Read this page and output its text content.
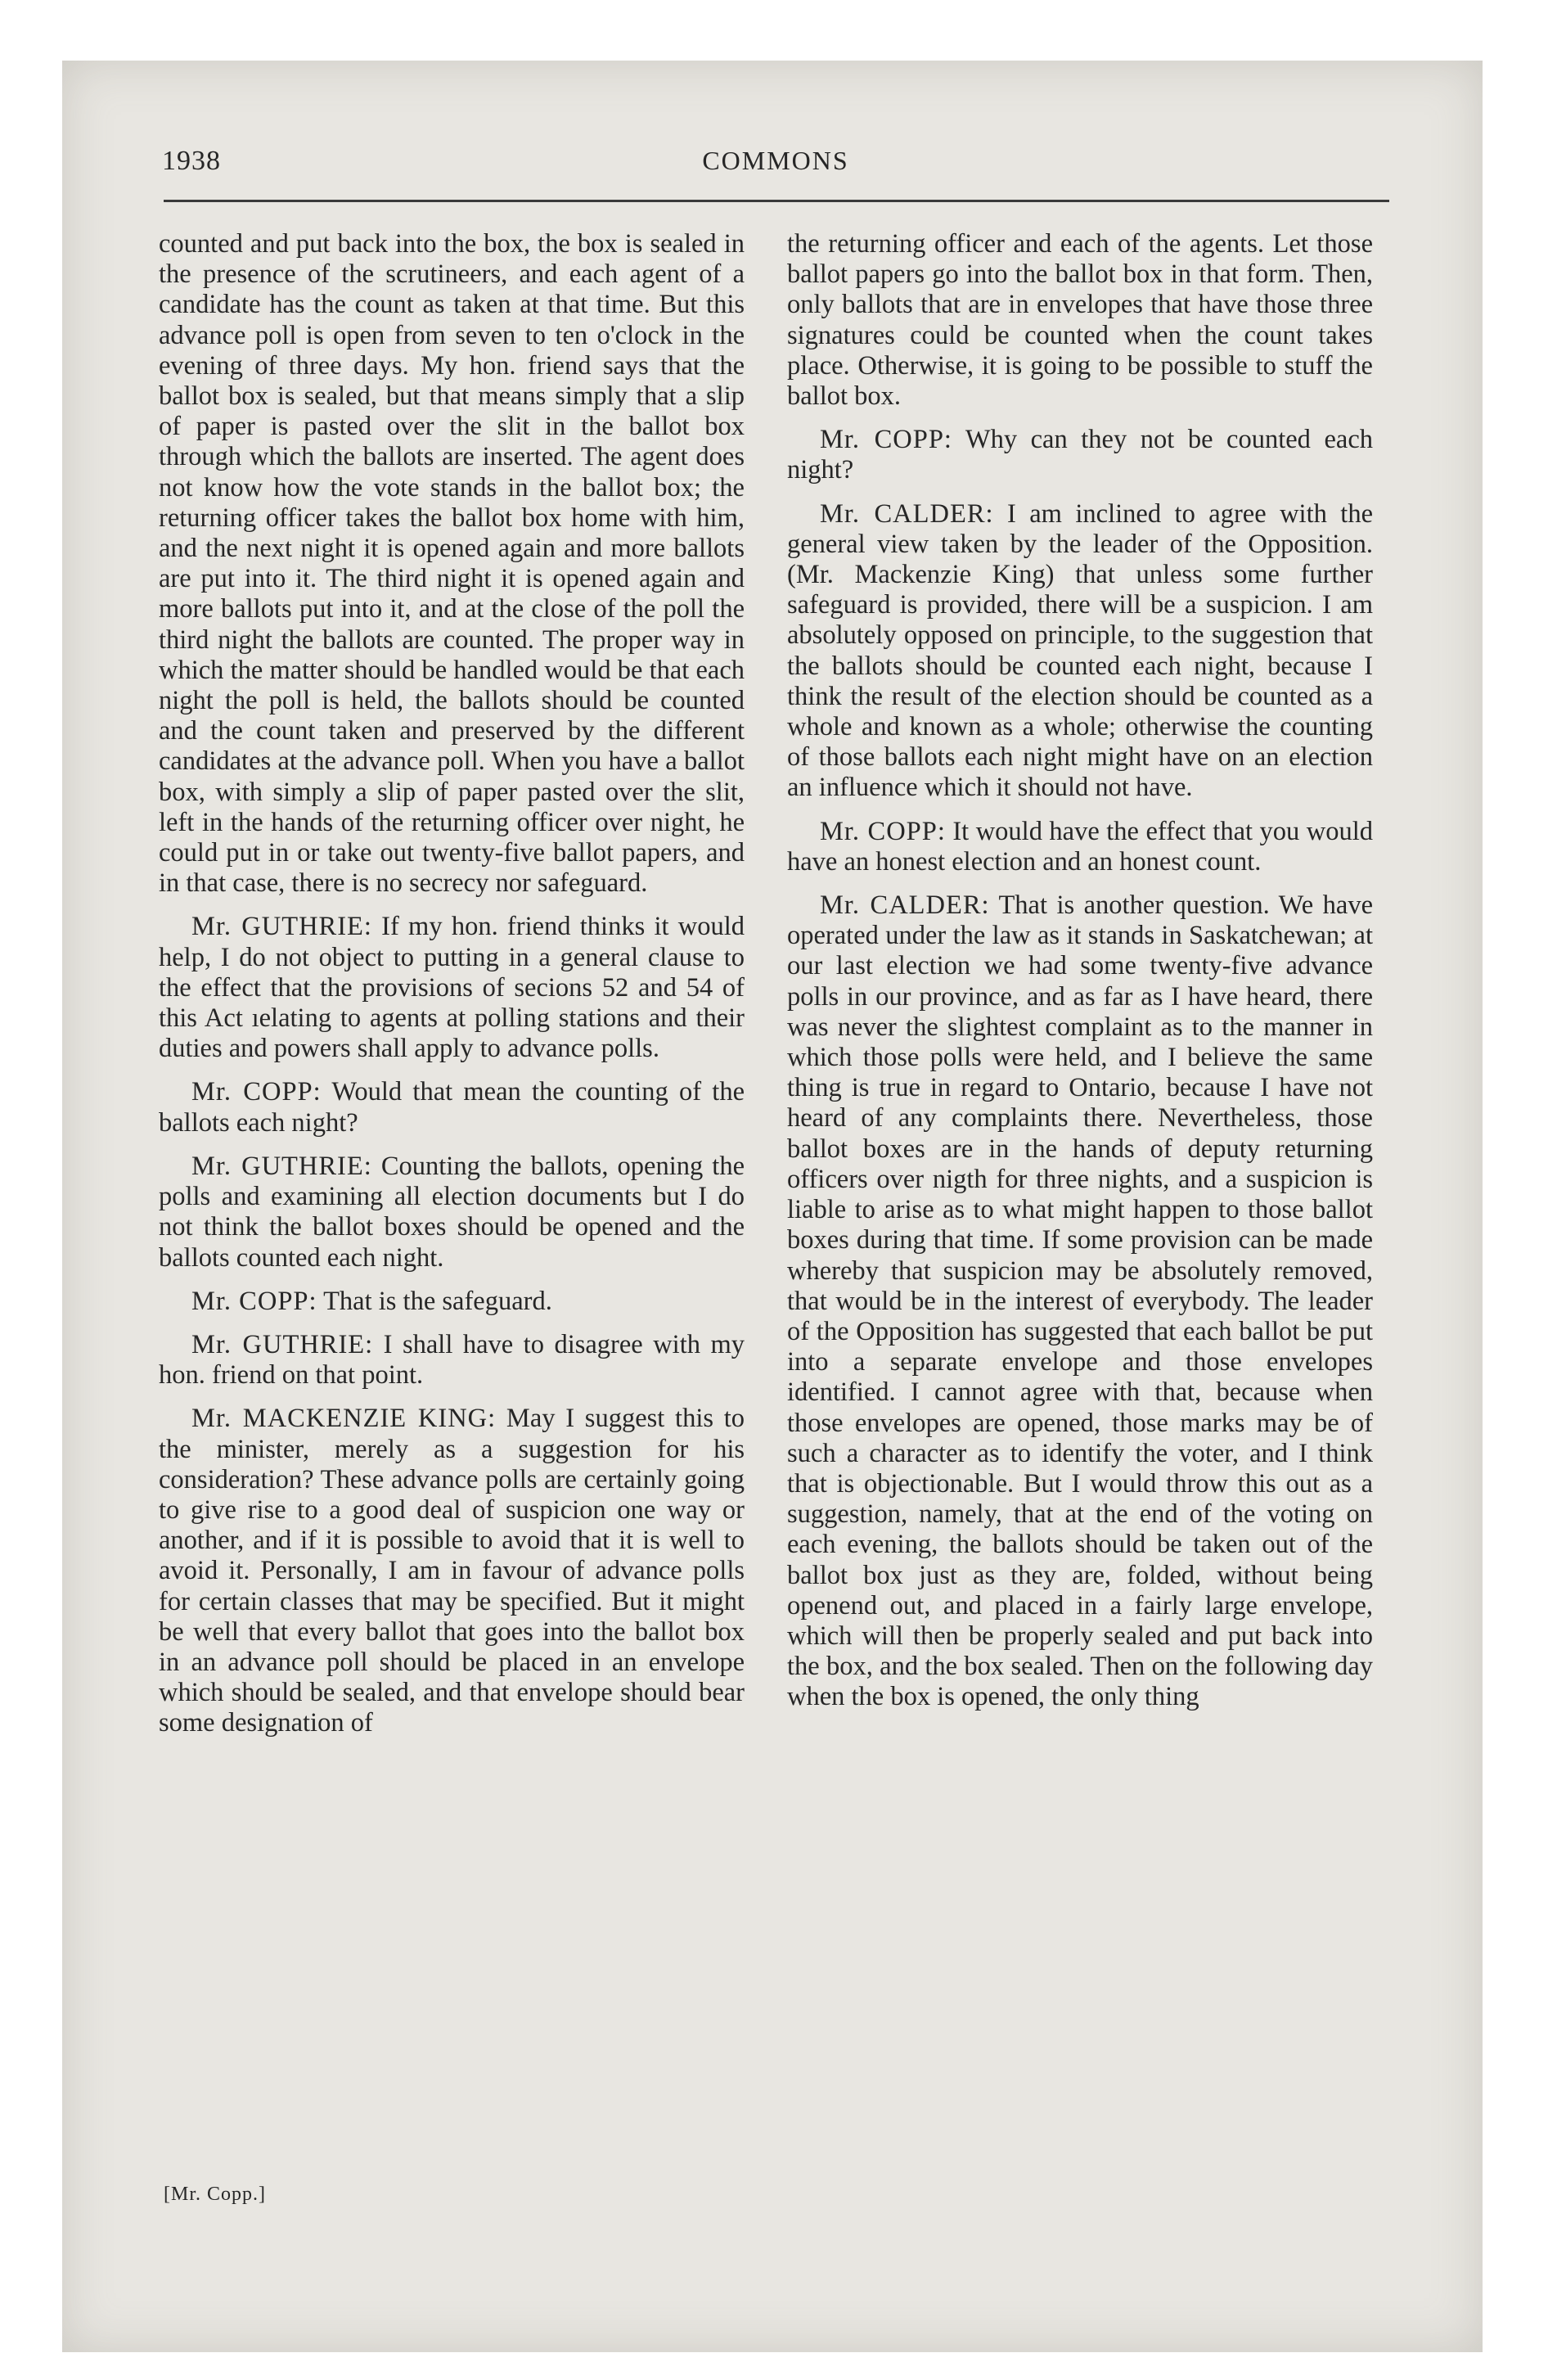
1938	COMMONS

counted and put back into the box, the box is sealed in the presence of the scrutineers, and each agent of a candidate has the count as taken at that time. But this advance poll is open from seven to ten o'clock in the evening of three days. My hon. friend says that the ballot box is sealed, but that means simply that a slip of paper is pasted over the slit in the ballot box through which the ballots are inserted. The agent does not know how the vote stands in the ballot box; the returning officer takes the ballot box home with him, and the next night it is opened again and more ballots are put into it. The third night it is opened again and more ballots put into it, and at the close of the poll the third night the ballots are counted. The proper way in which the matter should be handled would be that each night the poll is held, the ballots should be counted and the count taken and preserved by the different candidates at the advance poll. When you have a ballot box, with simply a slip of paper pasted over the slit, left in the hands of the returning officer over night, he could put in or take out twenty-five ballot papers, and in that case, there is no secrecy nor safeguard.

Mr. GUTHRIE: If my hon. friend thinks it would help, I do not object to putting in a general clause to the effect that the provisions of secions 52 and 54 of this Act ıelating to agents at polling stations and their duties and powers shall apply to advance polls.

Mr. COPP: Would that mean the counting of the ballots each night?

Mr. GUTHRIE: Counting the ballots, opening the polls and examining all election documents but I do not think the ballot boxes should be opened and the ballots counted each night.

Mr. COPP: That is the safeguard.

Mr. GUTHRIE: I shall have to disagree with my hon. friend on that point.

Mr. MACKENZIE KING: May I suggest this to the minister, merely as a suggestion for his consideration? These advance polls are certainly going to give rise to a good deal of suspicion one way or another, and if it is possible to avoid that it is well to avoid it. Personally, I am in favour of advance polls for certain classes that may be specified. But it might be well that every ballot that goes into the ballot box in an advance poll should be placed in an envelope which should be sealed, and that envelope should bear some designation of

the returning officer and each of the agents. Let those ballot papers go into the ballot box in that form. Then, only ballots that are in envelopes that have those three signatures could be counted when the count takes place. Otherwise, it is going to be possible to stuff the ballot box.

Mr. COPP: Why can they not be counted each night?

Mr. CALDER: I am inclined to agree with the general view taken by the leader of the Opposition. (Mr. Mackenzie King) that unless some further safeguard is provided, there will be a suspicion. I am absolutely opposed on principle, to the suggestion that the ballots should be counted each night, because I think the result of the election should be counted as a whole and known as a whole; otherwise the counting of those ballots each night might have on an election an influence which it should not have.

Mr. COPP: It would have the effect that you would have an honest election and an honest count.

Mr. CALDER: That is another question. We have operated under the law as it stands in Saskatchewan; at our last election we had some twenty-five advance polls in our province, and as far as I have heard, there was never the slightest complaint as to the manner in which those polls were held, and I believe the same thing is true in regard to Ontario, because I have not heard of any complaints there. Nevertheless, those ballot boxes are in the hands of deputy returning officers over nigth for three nights, and a suspicion is liable to arise as to what might happen to those ballot boxes during that time. If some provision can be made whereby that suspicion may be absolutely removed, that would be in the interest of everybody. The leader of the Opposition has suggested that each ballot be put into a separate envelope and those envelopes identified. I cannot agree with that, because when those envelopes are opened, those marks may be of such a character as to identify the voter, and I think that is objectionable. But I would throw this out as a suggestion, namely, that at the end of the voting on each evening, the ballots should be taken out of the ballot box just as they are, folded, without being openend out, and placed in a fairly large envelope, which will then be properly sealed and put back into the box, and the box sealed. Then on the following day when the box is opened, the only thing

[Mr. Copp.]
